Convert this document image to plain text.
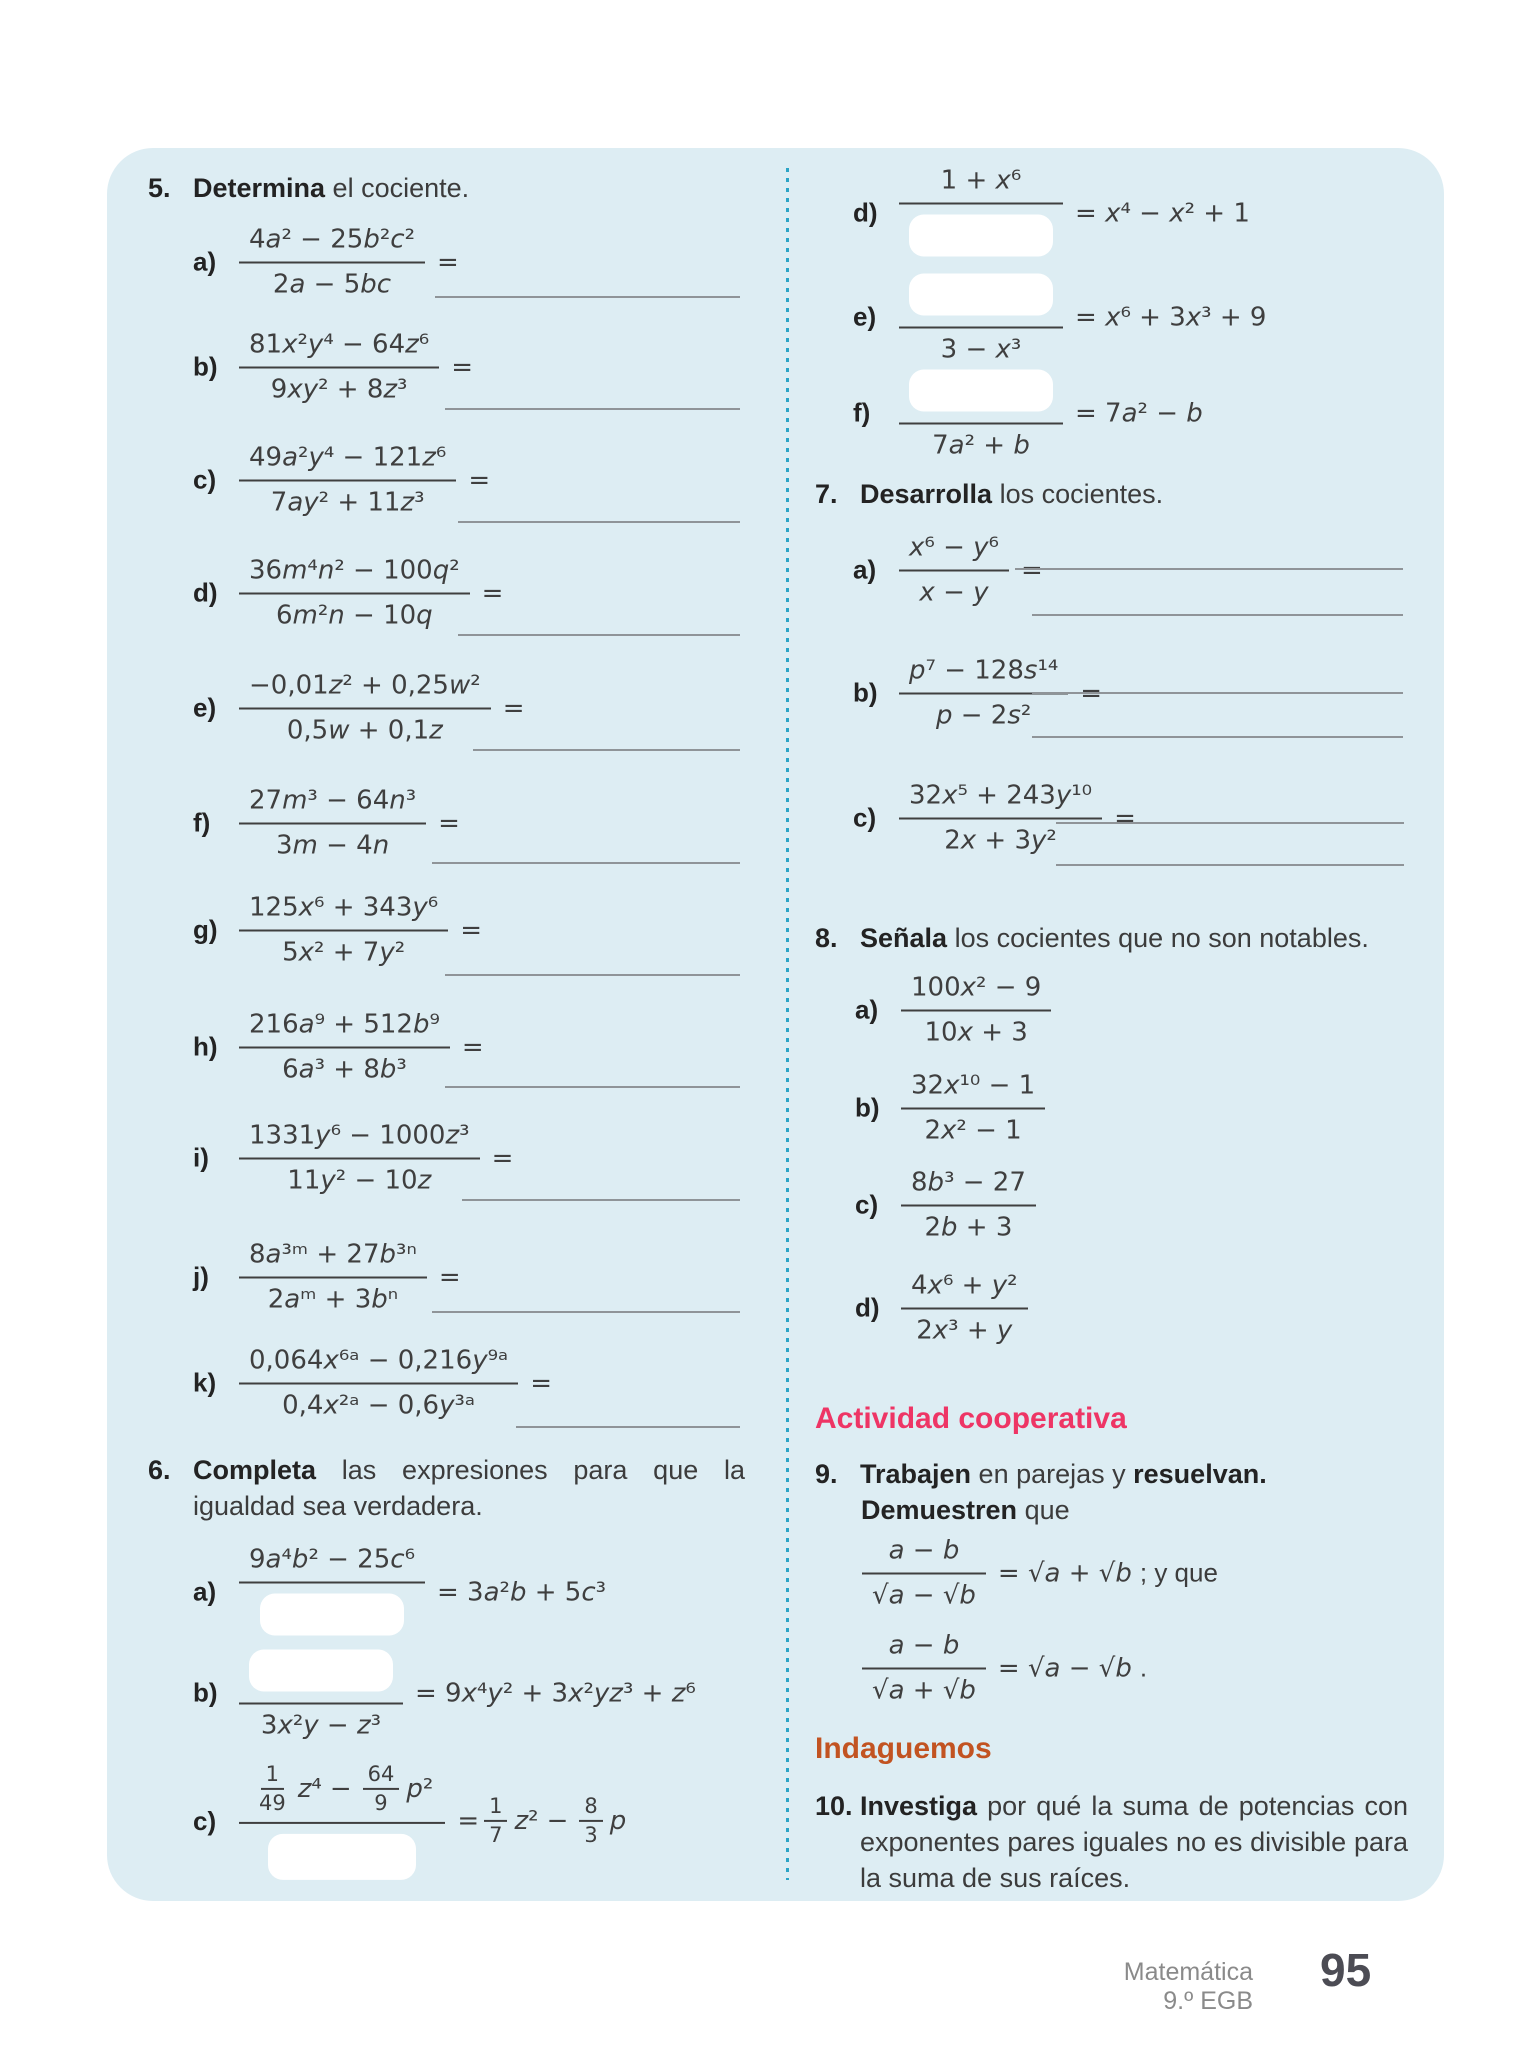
5. Determina el cociente.
$a) \frac{\text{4a² − 25b²c²}}{2a - 5bc}$ =
$b) \frac{\text{81x²y⁴ − 64z⁶}}{\text{9xy² + 8z³}}$ =
$c) \frac{\text{49a²y⁴ − 121z⁶}}{\text{7ay² + 11z³}}$ =
$d) \frac{\text{36m⁴n² − 100q²}}{\text{6m²n − 10q}}$ =
$e) \frac{\text{−0,01z² + 0,25w²}}{0,5w + 0,1z}$ =
f)	$\frac{\text{27m³ − 64n³}}{3m - 4n}$ =
$g) \frac{\text{125x⁶ + 343y⁶}}{\text{5x² + 7y²}}$ =
$h) \frac{\text{216a⁹ + 512b⁹}}{\text{6a³ + 8b³}}$ =
i)	$\frac{\text{1331y⁶ − 1000z³}}{\text{11y² − 10z}}$ =
j)	$\frac{\text{8a³ᵐ + 27b³ⁿ}}{\text{2aᵐ + 3bⁿ}}$ =
$k) \frac{\text{0,064x⁶ᵃ − 0,216y⁹ᵃ}}{\text{0,4x²ᵃ − 0,6y³ᵃ}}$ =
6. Completa las expresiones para que la igualdad sea verdadera.
a)
9a⁴b² − 25c⁶
= 3a²b + 5c³
b)
3x²y − z³
= 9x⁴y² + 3x²yz³ + z⁶
c)
$\frac{1}{49} z^4 - \frac{64}{9} p^2$
= $\frac{1}{7} z^2 - \frac{8}{3}$ p
d)
1 + x⁶
= x⁴ − x² + 1
e)
3 − x³
= x⁶ + 3x³ + 9
f)
7a² + b
= 7a² − b
7. Desarrolla los cocientes.
$a) \frac{\text{x⁶ − y⁶}}{x - y}$ =
$b) \frac{\text{p⁷ − 128s¹⁴}}{\text{p − 2s²}}$ =
$c) \frac{\text{32x⁵ + 243y¹⁰}}{\text{2x + 3y²}}$ =
8. Señala los cocientes que no son notables.
$a) \frac{\text{100x² − 9}}{10x + 3}$
$b) \frac{\text{32x¹⁰ − 1}}{\text{2x² − 1}}$
$c) \frac{\text{8b³ − 27}}{2b + 3}$
$d) \frac{\text{4x⁶ + y²}}{\text{2x³ + y}}$
Actividad cooperativa
9. Trabajen en parejas y resuelvan.
Demuestren que
$\frac{a - b}{√a - √b} = √a + √b$ ; y que
$\frac{a - b}{√a + √b} = √a - √b$ .
Indaguemos
10. Investiga por qué la suma de potencias con exponentes pares iguales no es divisible para la suma de sus raíces.
Matemática
9.º EGB
95
